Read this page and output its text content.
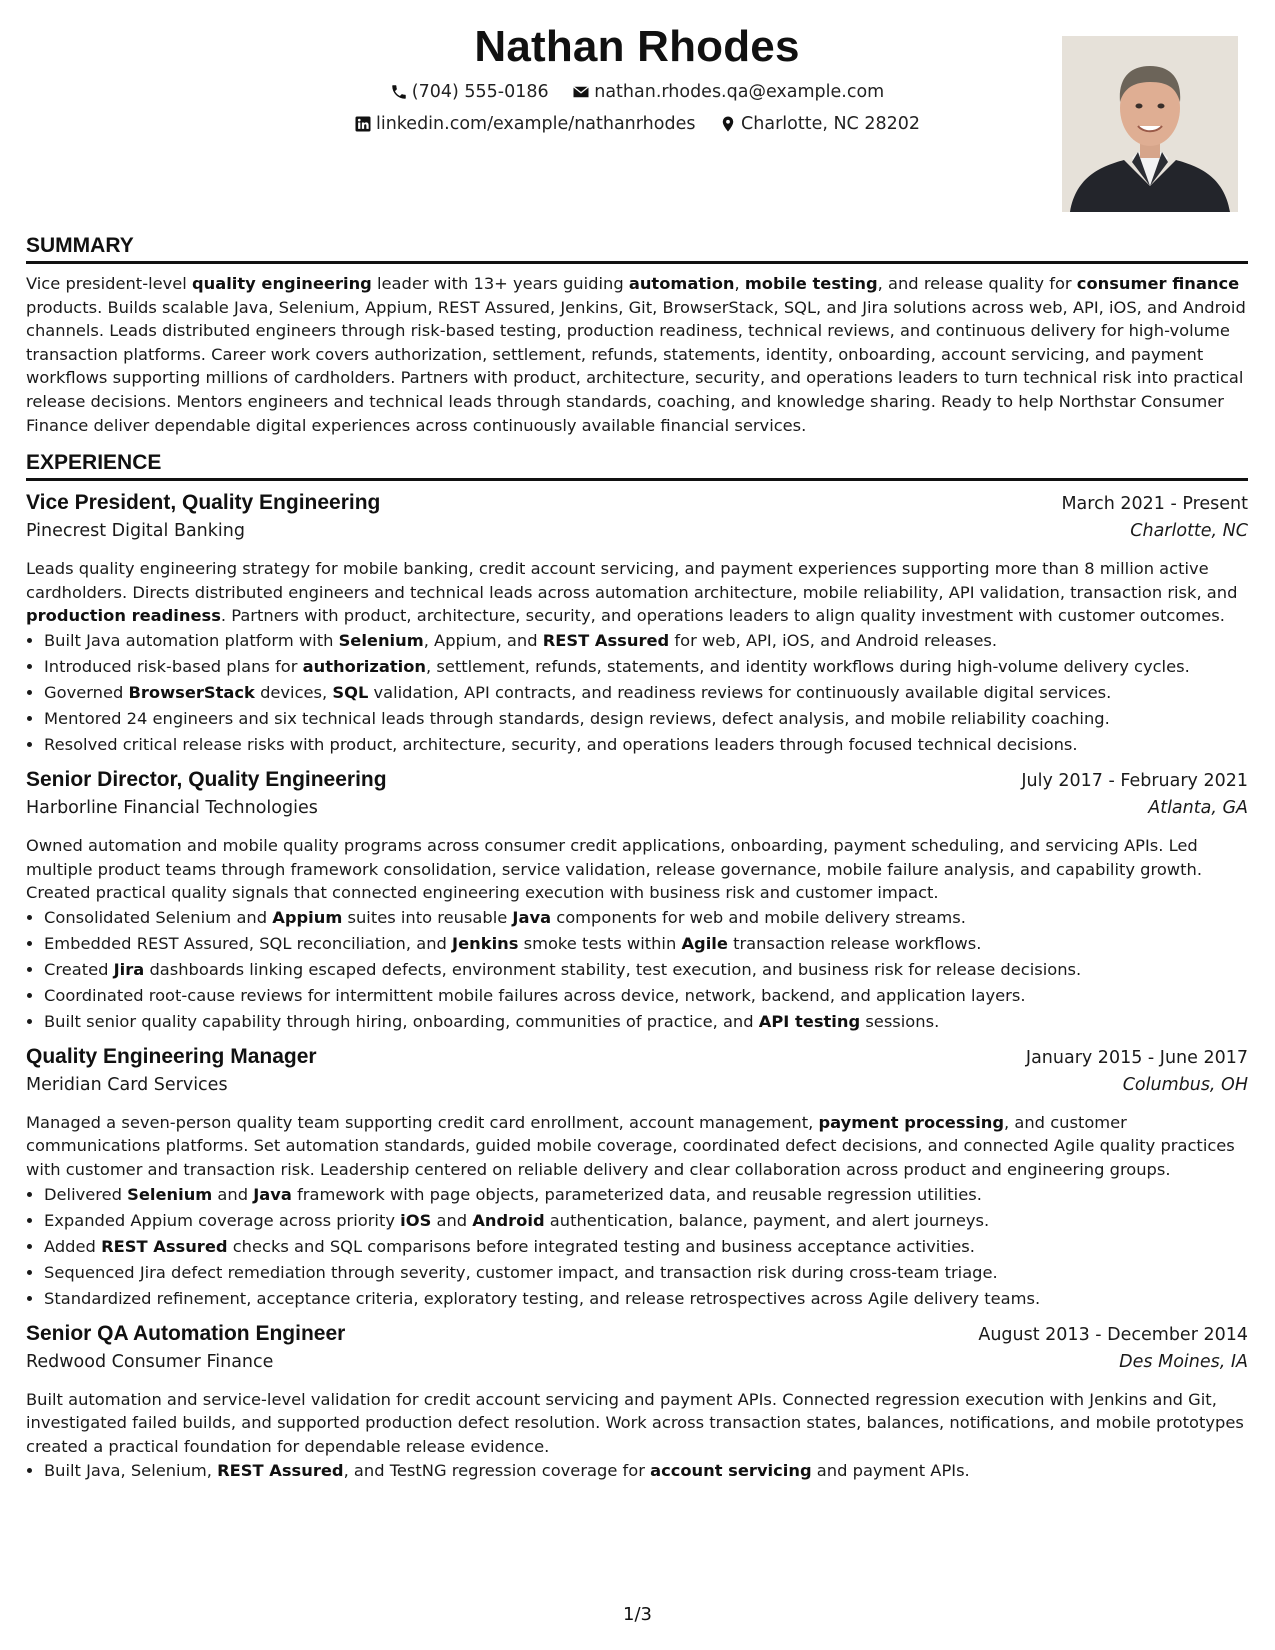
Nathan Rhodes
(704) 555-0186
	nathan.rhodes.qa@example.com
linkedin.com/example/nathanrhodes
	Charlotte, NC 28202
SUMMARY

Vice president-level quality engineering leader with 13+ years guiding automation, mobile testing, and release quality for consumer finance products. Builds scalable Java, Selenium, Appium, REST Assured, Jenkins, Git, BrowserStack, SQL, and Jira solutions across web, API, iOS, and Android channels. Leads distributed engineers through risk-based testing, production readiness, technical reviews, and continuous delivery for high-volume transaction platforms. Career work covers authorization, settlement, refunds, statements, identity, onboarding, account servicing, and payment workflows supporting millions of cardholders. Partners with product, architecture, security, and operations leaders to turn technical risk into practical release decisions. Mentors engineers and technical leads through standards, coaching, and knowledge sharing. Ready to help Northstar Consumer Finance deliver dependable digital experiences across continuously available financial services.

EXPERIENCE
Vice President, Quality Engineering	March 2021 - Present
Pinecrest Digital Banking	Charlotte, NC

Leads quality engineering strategy for mobile banking, credit account servicing, and payment experiences supporting more than 8 million active cardholders. Directs distributed engineers and technical leads across automation architecture, mobile reliability, API validation, transaction risk, and production readiness. Partners with product, architecture, security, and operations leaders to align quality investment with customer outcomes.

• Built Java automation platform with Selenium, Appium, and REST Assured for web, API, iOS, and Android releases.
• Introduced risk-based plans for authorization, settlement, refunds, statements, and identity workflows during high-volume delivery cycles.
• Governed BrowserStack devices, SQL validation, API contracts, and readiness reviews for continuously available digital services.
• Mentored 24 engineers and six technical leads through standards, design reviews, defect analysis, and mobile reliability coaching.
• Resolved critical release risks with product, architecture, security, and operations leaders through focused technical decisions.
Senior Director, Quality Engineering	July 2017 - February 2021
Harborline Financial Technologies	Atlanta, GA

Owned automation and mobile quality programs across consumer credit applications, onboarding, payment scheduling, and servicing APIs. Led multiple product teams through framework consolidation, service validation, release governance, mobile failure analysis, and capability growth. Created practical quality signals that connected engineering execution with business risk and customer impact.

• Consolidated Selenium and Appium suites into reusable Java components for web and mobile delivery streams.
• Embedded REST Assured, SQL reconciliation, and Jenkins smoke tests within Agile transaction release workflows.
• Created Jira dashboards linking escaped defects, environment stability, test execution, and business risk for release decisions.
• Coordinated root-cause reviews for intermittent mobile failures across device, network, backend, and application layers.
• Built senior quality capability through hiring, onboarding, communities of practice, and API testing sessions.
Quality Engineering Manager	January 2015 - June 2017
Meridian Card Services	Columbus, OH

Managed a seven-person quality team supporting credit card enrollment, account management, payment processing, and customer communications platforms. Set automation standards, guided mobile coverage, coordinated defect decisions, and connected Agile quality practices with customer and transaction risk. Leadership centered on reliable delivery and clear collaboration across product and engineering groups.

• Delivered Selenium and Java framework with page objects, parameterized data, and reusable regression utilities.
• Expanded Appium coverage across priority iOS and Android authentication, balance, payment, and alert journeys.
• Added REST Assured checks and SQL comparisons before integrated testing and business acceptance activities.
• Sequenced Jira defect remediation through severity, customer impact, and transaction risk during cross-team triage.
• Standardized refinement, acceptance criteria, exploratory testing, and release retrospectives across Agile delivery teams.
Senior QA Automation Engineer	August 2013 - December 2014
Redwood Consumer Finance	Des Moines, IA

Built automation and service-level validation for credit account servicing and payment APIs. Connected regression execution with Jenkins and Git, investigated failed builds, and supported production defect resolution. Work across transaction states, balances, notifications, and mobile prototypes created a practical foundation for dependable release evidence.

• Built Java, Selenium, REST Assured, and TestNG regression coverage for account servicing and payment APIs.
1/3
